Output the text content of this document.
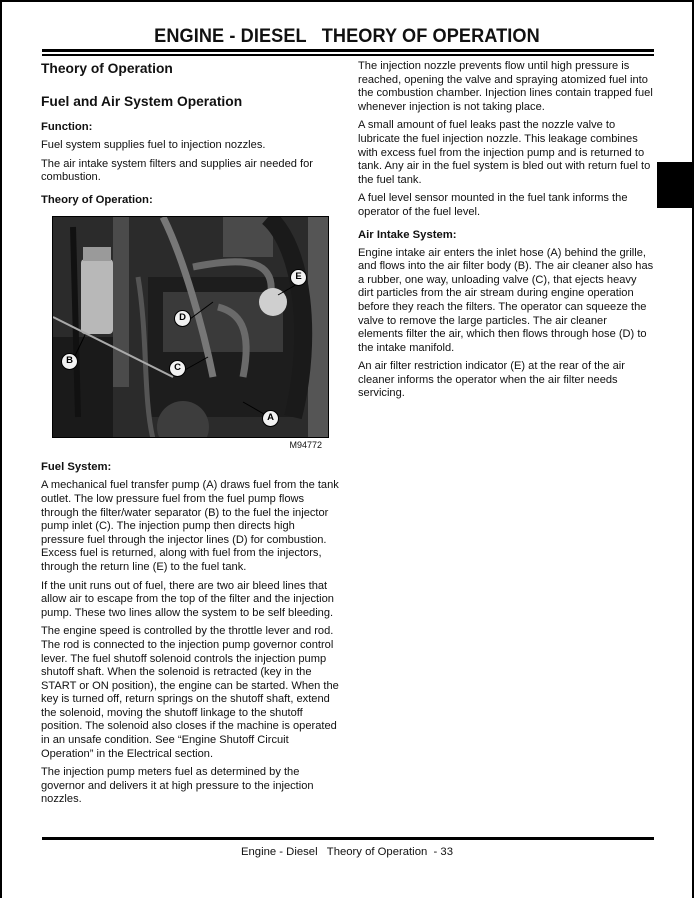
ENGINE - DIESEL   THEORY OF OPERATION
Theory of Operation
Fuel and Air System Operation
Function:

Fuel system supplies fuel to injection nozzles.

The air intake system filters and supplies air needed for combustion.

Theory of Operation:
B
D
E
C
A
M94772
Fuel System:

A mechanical fuel transfer pump (A) draws fuel from the tank outlet. The low pressure fuel from the fuel pump flows through the filter/water separator (B) to the fuel the injector pump inlet (C). The injection pump then directs high pressure fuel through the injector lines (D) for combustion. Excess fuel is returned, along with fuel from the injectors, through the return line (E) to the fuel tank.

If the unit runs out of fuel, there are two air bleed lines that allow air to escape from the top of the filter and the injection pump. These two lines allow the system to be self bleeding.

The engine speed is controlled by the throttle lever and rod. The rod is connected to the injection pump governor control lever. The fuel shutoff solenoid controls the injection pump shutoff shaft. When the solenoid is retracted (key in the START or ON position), the engine can be started. When the key is turned off, return springs on the shutoff shaft, extend the solenoid, moving the shutoff linkage to the shutoff position. The solenoid also closes if the machine is operated in an unsafe condition. See “Engine Shutoff Circuit Operation” in the Electrical section.

The injection pump meters fuel as determined by the governor and delivers it at high pressure to the injection nozzles.

The injection nozzle prevents flow until high pressure is reached, opening the valve and spraying atomized fuel into the combustion chamber. Injection lines contain trapped fuel whenever injection is not taking place.

A small amount of fuel leaks past the nozzle valve to lubricate the fuel injection nozzle. This leakage combines with excess fuel from the injection pump and is returned to tank. Any air in the fuel system is bled out with return fuel to the fuel tank.

A fuel level sensor mounted in the fuel tank informs the operator of the fuel level.

Air Intake System:

Engine intake air enters the inlet hose (A) behind the grille, and flows into the air filter body (B). The air cleaner also has a rubber, one way, unloading valve (C), that ejects heavy dirt particles from the air stream during engine operation before they reach the filters. The operator can squeeze the valve to remove the large particles. The air cleaner elements filter the air, which then flows through hose (D) to the intake manifold.

An air filter restriction indicator (E) at the rear of the air cleaner informs the operator when the air filter needs servicing.

Engine - Diesel   Theory of Operation  - 33
